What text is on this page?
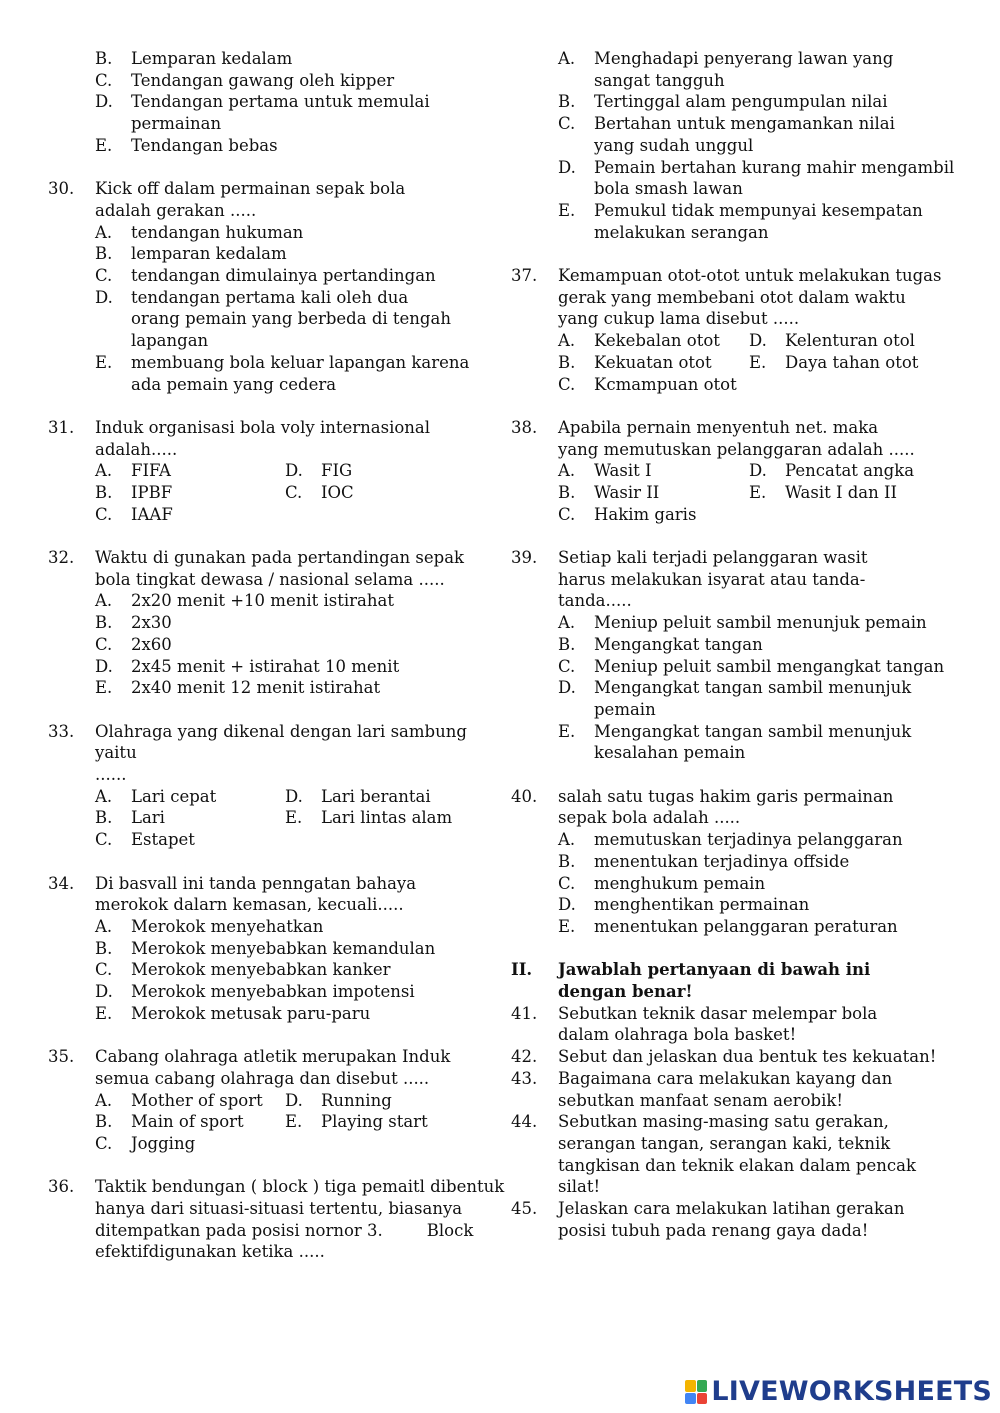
B. Lemparan kedalam
C. Tendangan gawang oleh kipper
D. Tendangan pertama untuk memulai permainan
E. Tendangan bebas
30. Kick off dalam permainan sepak bola adalah gerakan .....
A. tendangan hukuman
B. lemparan kedalam
C. tendangan dimulainya pertandingan
D. tendangan pertama kali oleh dua orang pemain yang berbeda di tengah lapangan
E. membuang bola keluar lapangan karena ada pemain yang cedera
31. Induk organisasi bola voly internasional adalah.....
A. FIFA	D. FIG
B. IPBF	C. IOC
C. IAAF
32. Waktu di gunakan pada pertandingan sepak bola tingkat dewasa / nasional selama .....
A. 2x20 menit +10 menit istirahat
B. 2x30
C. 2x60
D. 2x45 menit + istirahat 10 menit
E. 2x40 menit 12 menit istirahat
33. Olahraga yang dikenal dengan lari sambung yaitu
......
A. Lari cepat	D. Lari berantai
B. Lari	E. Lari lintas alam
C. Estapet
34. Di basvall ini tanda penngatan bahaya merokok dalarn kemasan, kecuali.....
A. Merokok menyehatkan
B. Merokok menyebabkan kemandulan
C. Merokok menyebabkan kanker
D. Merokok menyebabkan impotensi
E. Merokok metusak paru-paru
35. Cabang olahraga atletik merupakan Induk semua cabang olahraga dan disebut .....
A. Mother of sport D. Running
B. Main of sport	E. Playing start
C. Jogging
36. Taktik bendungan ( block ) tiga pemaitl dibentuk
hanya dari situasi-situasi tertentu, biasanya
ditempatkan pada posisi nornor 3.	Block
efektifdigunakan ketika .....
A. Menghadapi penyerang lawan yang sangat tangguh
B. Tertinggal alam pengumpulan nilai
C. Bertahan untuk mengamankan nilai yang sudah unggul
D. Pemain bertahan kurang mahir mengambil bola smash lawan
E. Pemukul tidak mempunyai kesempatan melakukan serangan
37. Kemampuan otot-otot untuk melakukan tugas gerak yang membebani otot dalam waktu yang cukup lama disebut .....
A. Kekebalan otot D. Kelenturan otol
B. Kekuatan otot E. Daya tahan otot
C. Kcmampuan otot
38. Apabila pernain menyentuh net. maka yang memutuskan pelanggaran adalah .....
A. Wasit I	D. Pencatat angka
B. Wasir II	E. Wasit I dan II
C. Hakim garis
39. Setiap kali terjadi pelanggaran wasit harus melakukan isyarat atau tanda-tanda.....
A. Meniup peluit sambil menunjuk pemain
B. Mengangkat tangan
C. Meniup peluit sambil mengangkat tangan
D. Mengangkat tangan sambil menunjuk pemain
E. Mengangkat tangan sambil menunjuk kesalahan pemain
40. salah satu tugas hakim garis permainan sepak bola adalah .....
A. memutuskan terjadinya pelanggaran
B. menentukan terjadinya offside
C. menghukum pemain
D. menghentikan permainan
E. menentukan pelanggaran peraturan
II. Jawablah pertanyaan di bawah ini dengan benar!
41. Sebutkan teknik dasar melempar bola dalam olahraga bola basket!
42. Sebut dan jelaskan dua bentuk tes kekuatan!
43. Bagaimana cara melakukan kayang dan sebutkan manfaat senam aerobik!
44. Sebutkan masing-masing satu gerakan, serangan tangan, serangan kaki, teknik tangkisan dan teknik elakan dalam pencak silat!
45. Jelaskan cara melakukan latihan gerakan posisi tubuh pada renang gaya dada!
LIVEWORKSHEETS
